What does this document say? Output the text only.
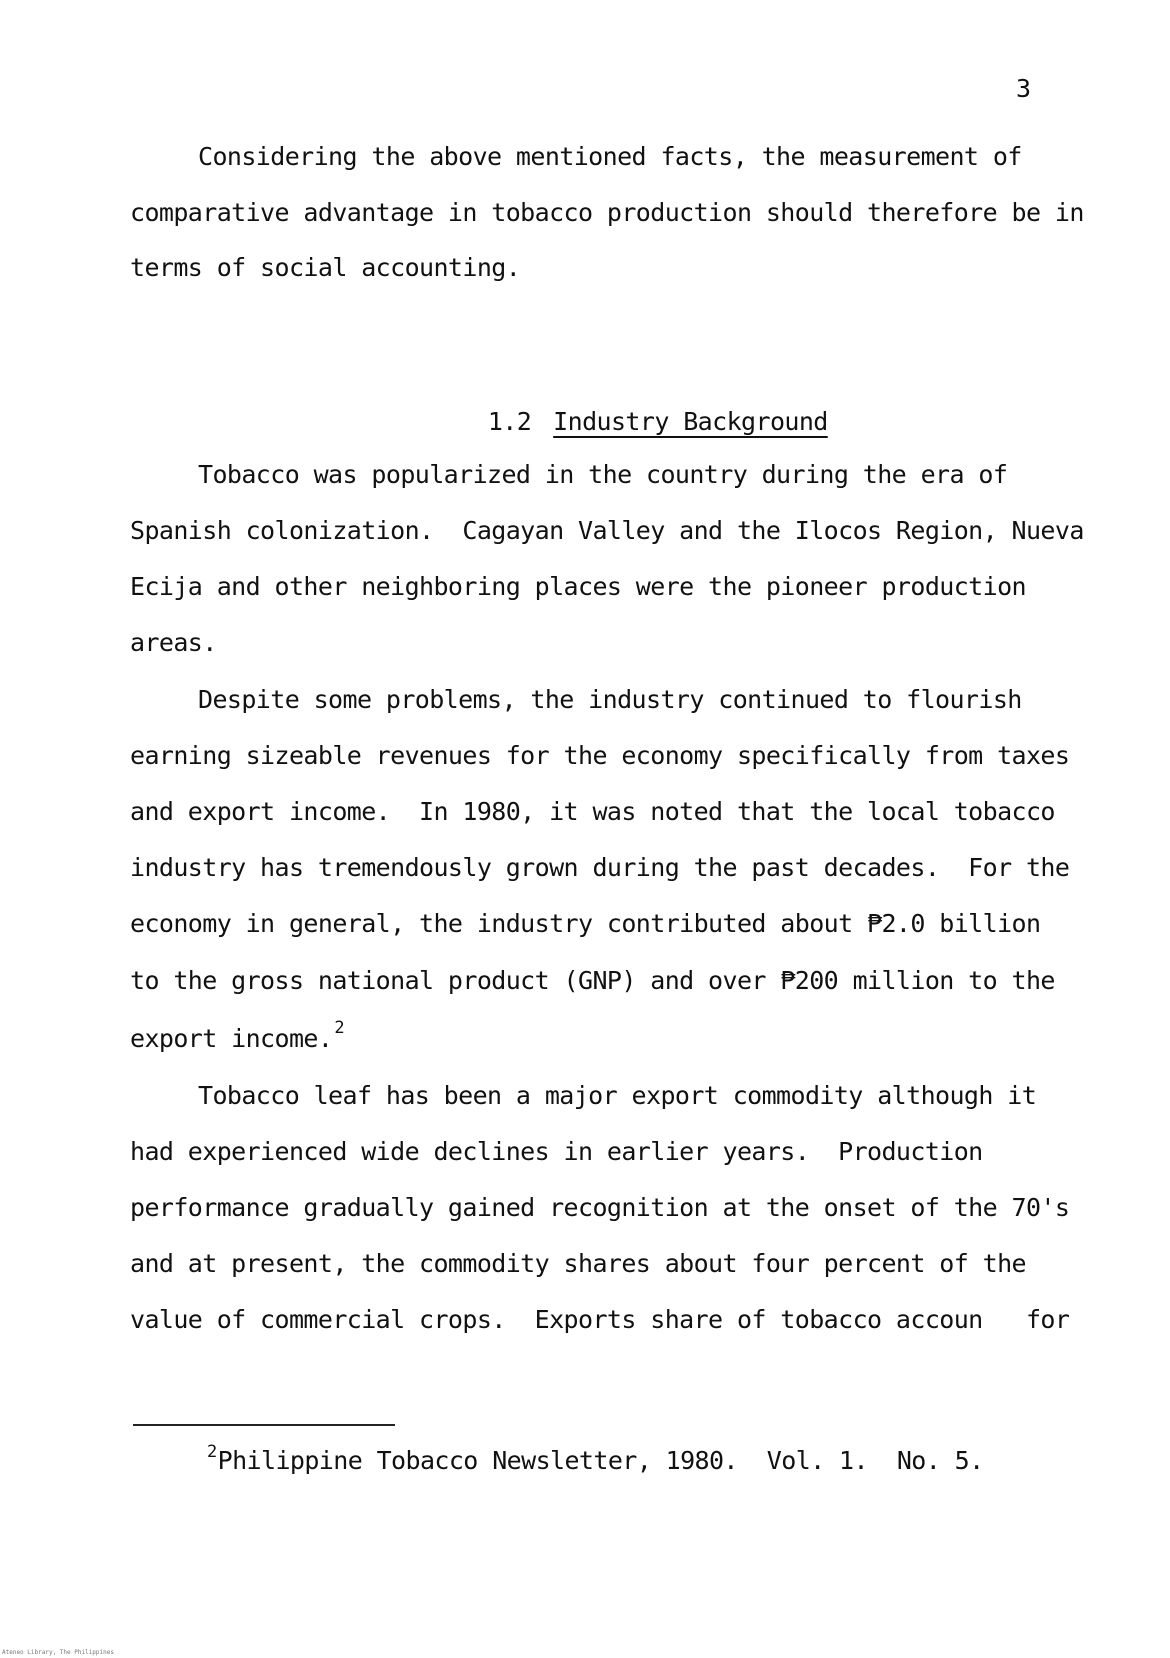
3
Considering the above mentioned facts, the measurement of
comparative advantage in tobacco production should therefore be in
terms of social accounting.

1.2 Industry Background

Tobacco was popularized in the country during the era of
Spanish colonization.  Cagayan Valley and the Ilocos Region, Nueva
Ecija and other neighboring places were the pioneer production
areas.
Despite some problems, the industry continued to flourish
earning sizeable revenues for the economy specifically from taxes
and export income.  In 1980, it was noted that the local tobacco
industry has tremendously grown during the past decades.  For the
economy in general, the industry contributed about ₱2.0 billion
to the gross national product (GNP) and over ₱200 million to the
export income. $^2$
Tobacco leaf has been a major export commodity although it
had experienced wide declines in earlier years.  Production
performance gradually gained recognition at the onset of the 70's
and at present, the commodity shares about four percent of the
value of commercial crops.  Exports share of tobacco accoun   for
$^2$Philippine Tobacco Newsletter, 1980.  Vol. 1.  No. 5.
Ateneo Library, The Philippines
